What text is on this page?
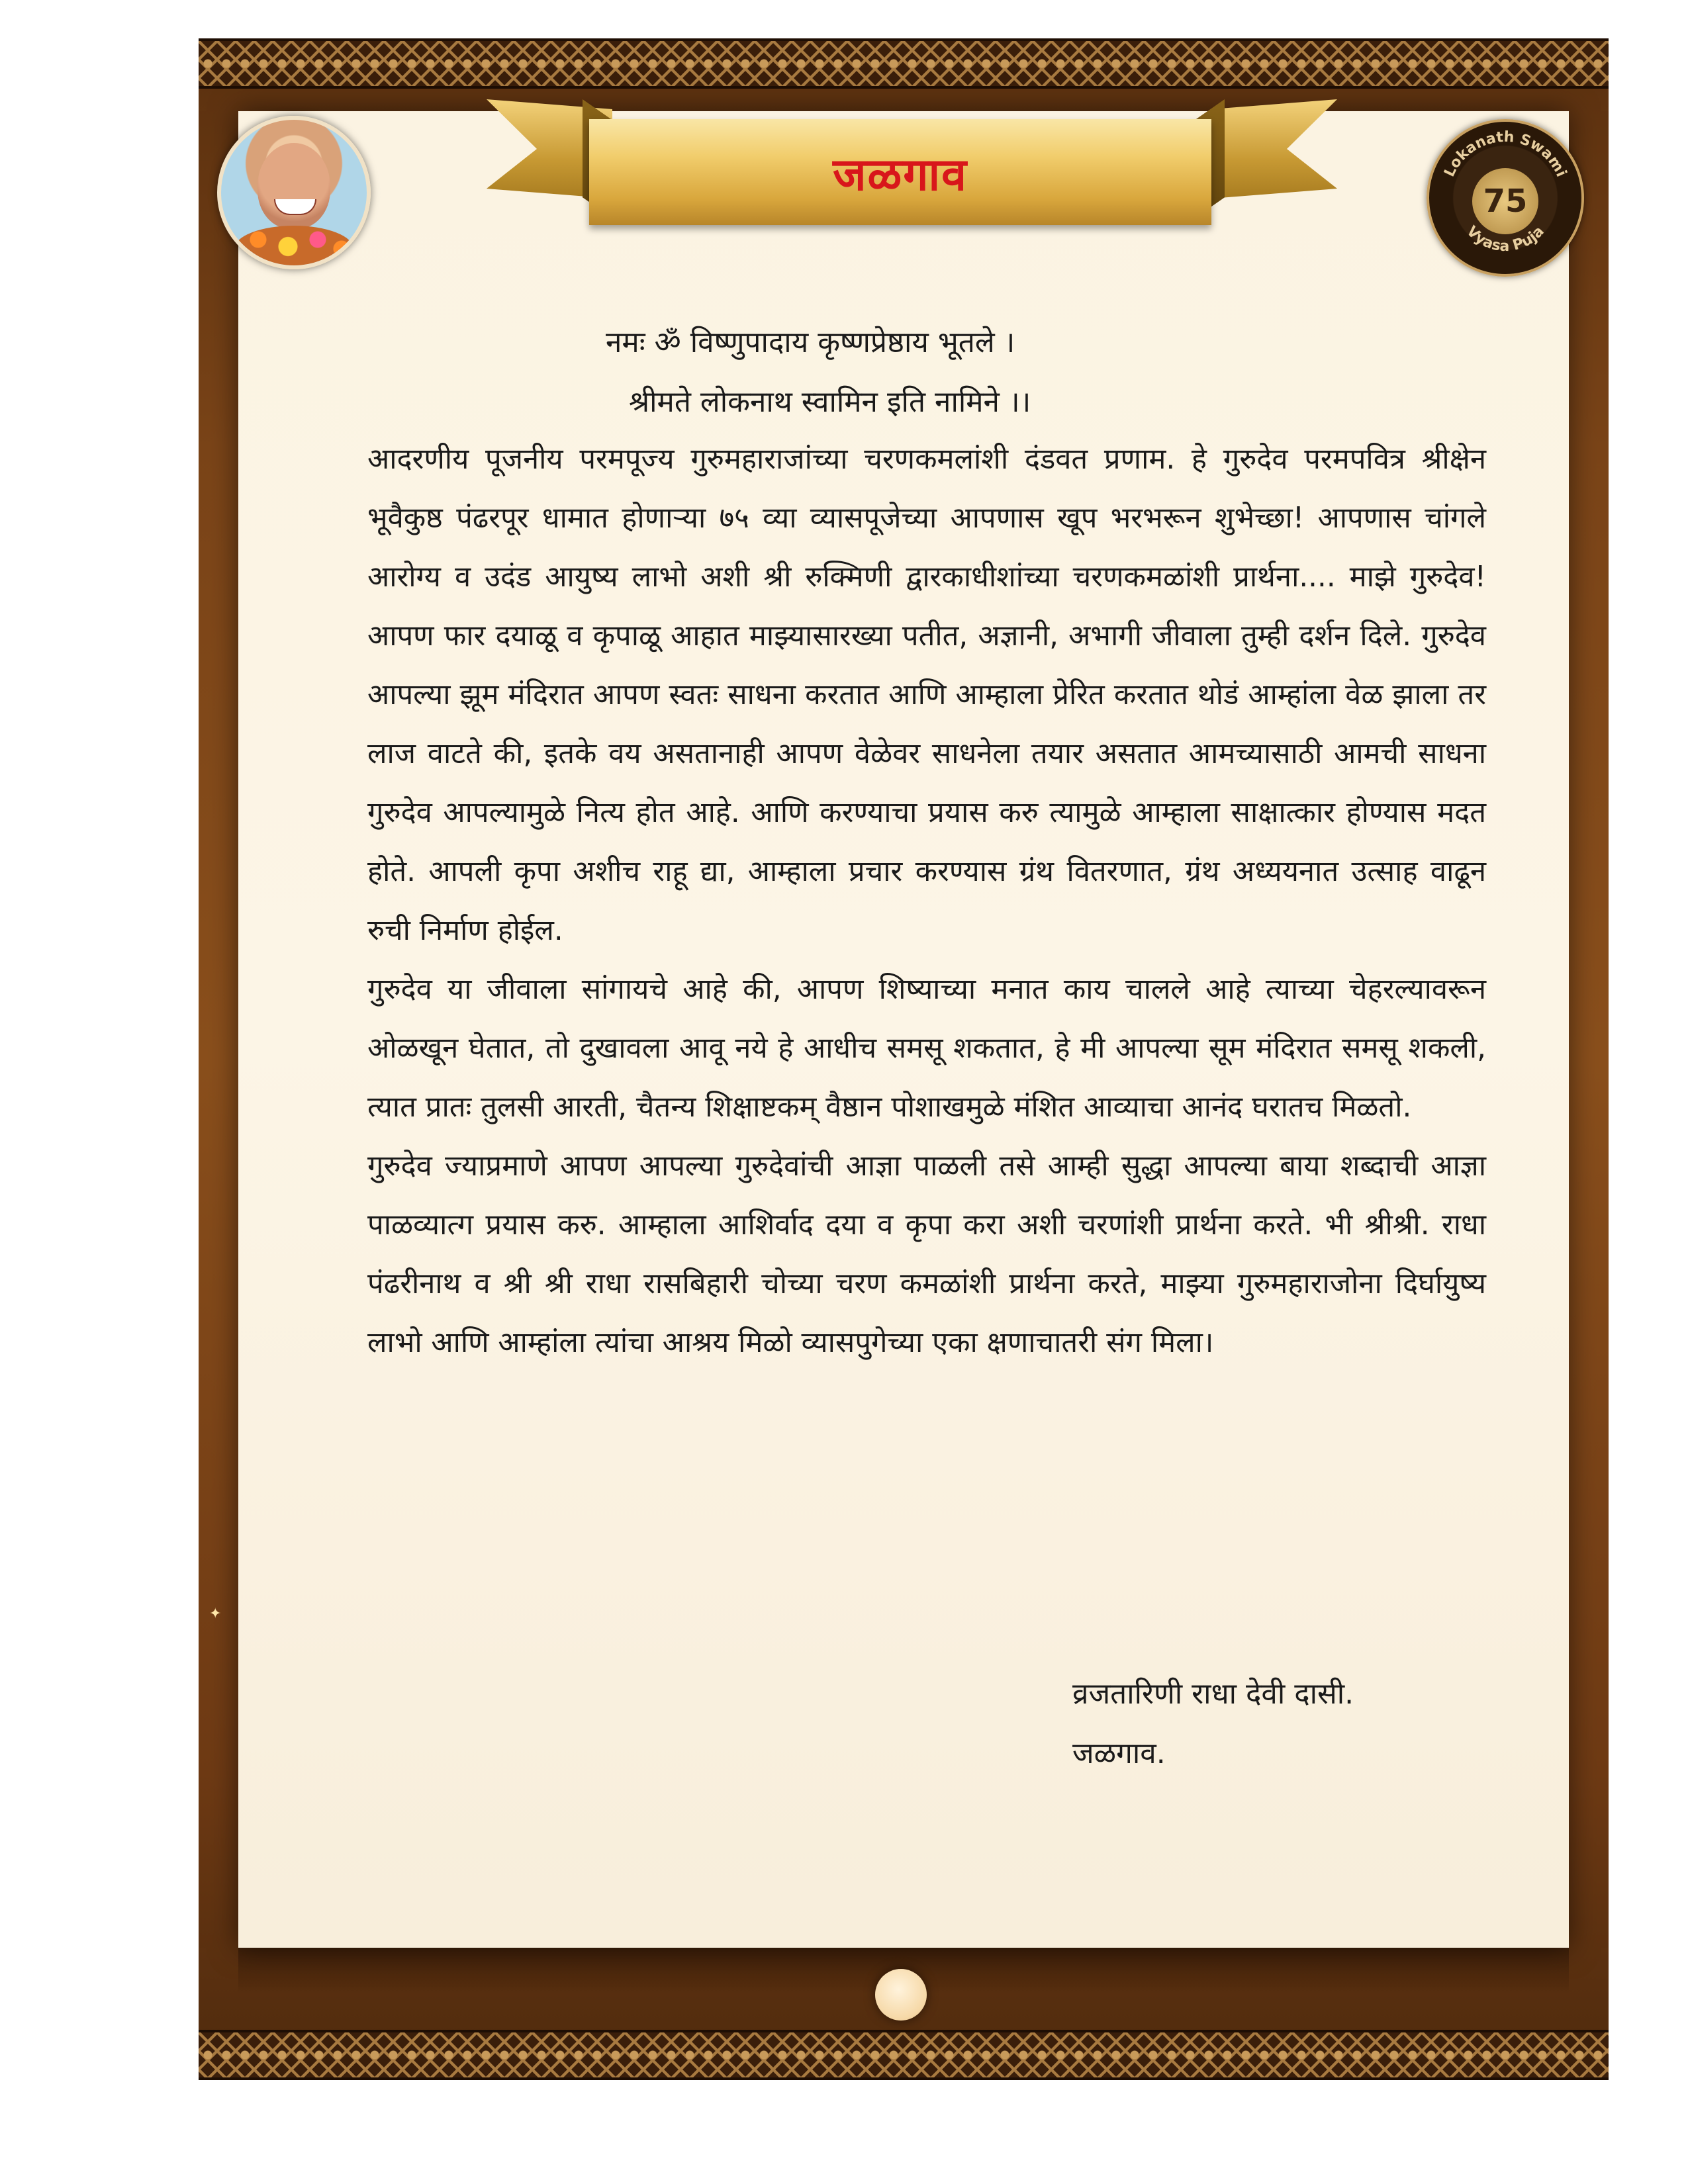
✦
जळगाव	Lokanath Swami
Vyasa Puja
75
नमः ॐ विष्णुपादाय कृष्णप्रेष्ठाय भूतले ।
श्रीमते लोकनाथ स्वामिन इति नामिने ।।

आदरणीय पूजनीय परमपूज्य गुरुमहाराजांच्या चरणकमलांशी दंडवत प्रणाम. हे गुरुदेव परमपवित्र श्रीक्षेन भूवैकुष्ठ पंढरपूर धामात होणाऱ्या ७५ व्या व्यासपूजेच्या आपणास खूप भरभरून शुभेच्छा! आपणास चांगले आरोग्य व उदंड आयुष्य लाभो अशी श्री रुक्मिणी द्वारकाधीशांच्या चरणकमळांशी प्रार्थना.... माझे गुरुदेव! आपण फार दयाळू व कृपाळू आहात माझ्यासारख्या पतीत, अज्ञानी, अभागी जीवाला तुम्ही दर्शन दिले. गुरुदेव आपल्या झूम मंदिरात आपण स्वतः साधना करतात आणि आम्हाला प्रेरित करतात थोडं आम्हांला वेळ झाला तर लाज वाटते की, इतके वय असतानाही आपण वेळेवर साधनेला तयार असतात आमच्यासाठी आमची साधना गुरुदेव आपल्यामुळे नित्य होत आहे. आणि करण्याचा प्रयास करु त्यामुळे आम्हाला साक्षात्कार होण्यास मदत होते. आपली कृपा अशीच राहू द्या, आम्हाला प्रचार करण्यास ग्रंथ वितरणात, ग्रंथ अध्ययनात उत्साह वाढून रुची निर्माण होईल.

गुरुदेव या जीवाला सांगायचे आहे की, आपण शिष्याच्या मनात काय चालले आहे त्याच्या चेहरल्यावरून ओळखून घेतात, तो दुखावला आवू नये हे आधीच समसू शकतात, हे मी आपल्या सूम मंदिरात समसू शकली, त्यात प्रातः तुलसी आरती, चैतन्य शिक्षाष्टकम् वैष्ठान पोशाखमुळे मंशित आव्याचा आनंद घरातच मिळतो.

गुरुदेव ज्याप्रमाणे आपण आपल्या गुरुदेवांची आज्ञा पाळली तसे आम्ही सुद्धा आपल्या बाया शब्दाची आज्ञा पाळव्यात्ग प्रयास करु. आम्हाला आशिर्वाद दया व कृपा करा अशी चरणांशी प्रार्थना करते. भी श्रीश्री. राधा पंढरीनाथ व श्री श्री राधा रासबिहारी चोच्या चरण कमळांशी प्रार्थना करते, माझ्या गुरुमहाराजोना दिर्घायुष्य लाभो आणि आम्हांला त्यांचा आश्रय मिळो व्यासपुगेच्या एका क्षणाचातरी संग मिला।

व्रजतारिणी राधा देवी दासी.
जळगाव.
